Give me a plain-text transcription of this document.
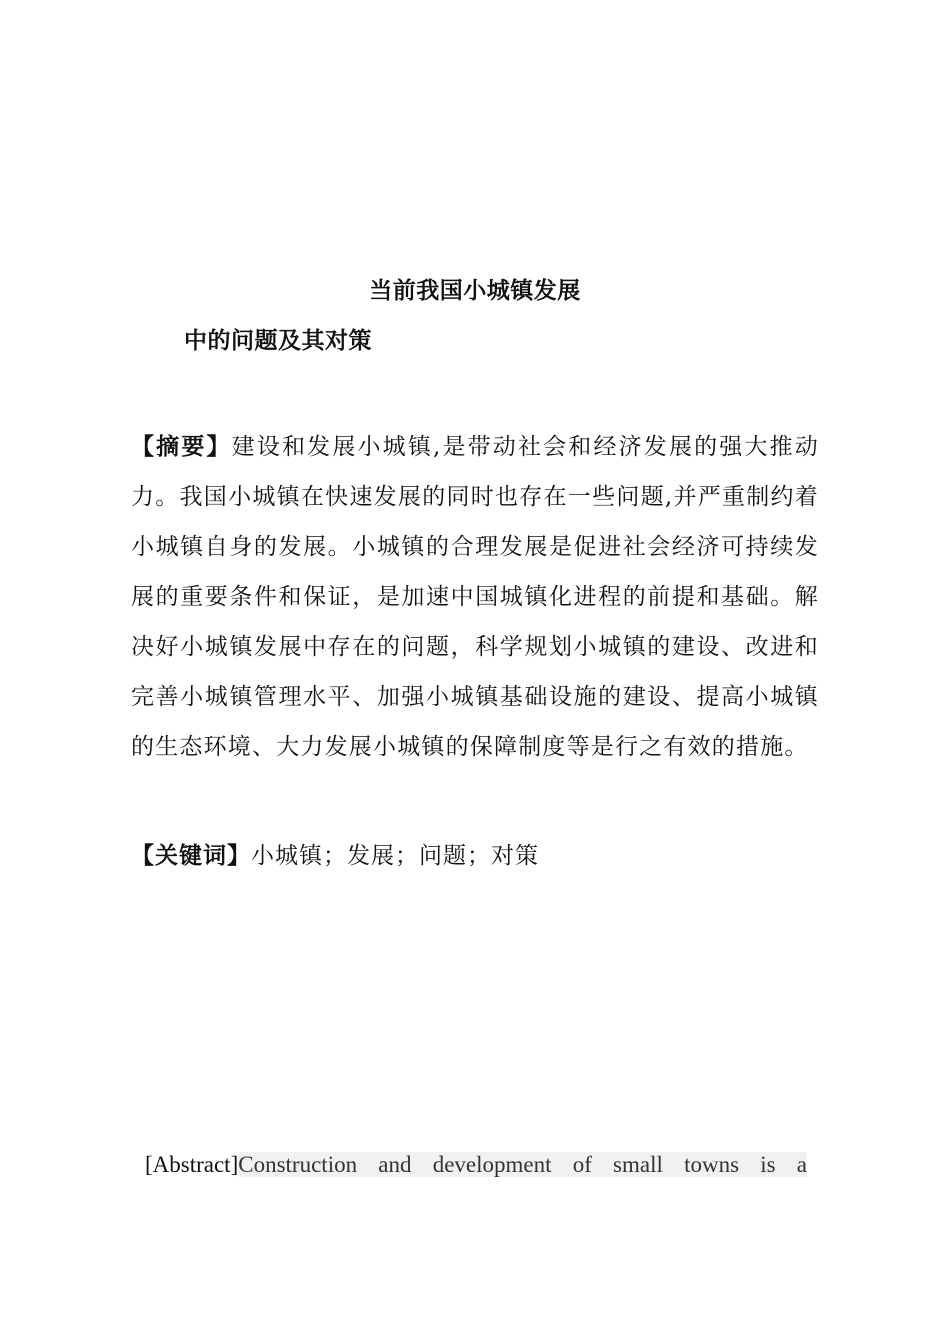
当前我国小城镇发展
中的问题及其对策

【摘要】建设和发展小城镇,是带动社会和经济发展的强大推动力。我国小城镇在快速发展的同时也存在一些问题,并严重制约着小城镇自身的发展。小城镇的合理发展是促进社会经济可持续发展的重要条件和保证，是加速中国城镇化进程的前提和基础。解决好小城镇发展中存在的问题，科学规划小城镇的建设、改进和完善小城镇管理水平、加强小城镇基础设施的建设、提高小城镇的生态环境、大力发展小城镇的保障制度等是行之有效的措施。

【关键词】小城镇；发展；问题；对策

[Abstract]Construction and development of small towns is a
